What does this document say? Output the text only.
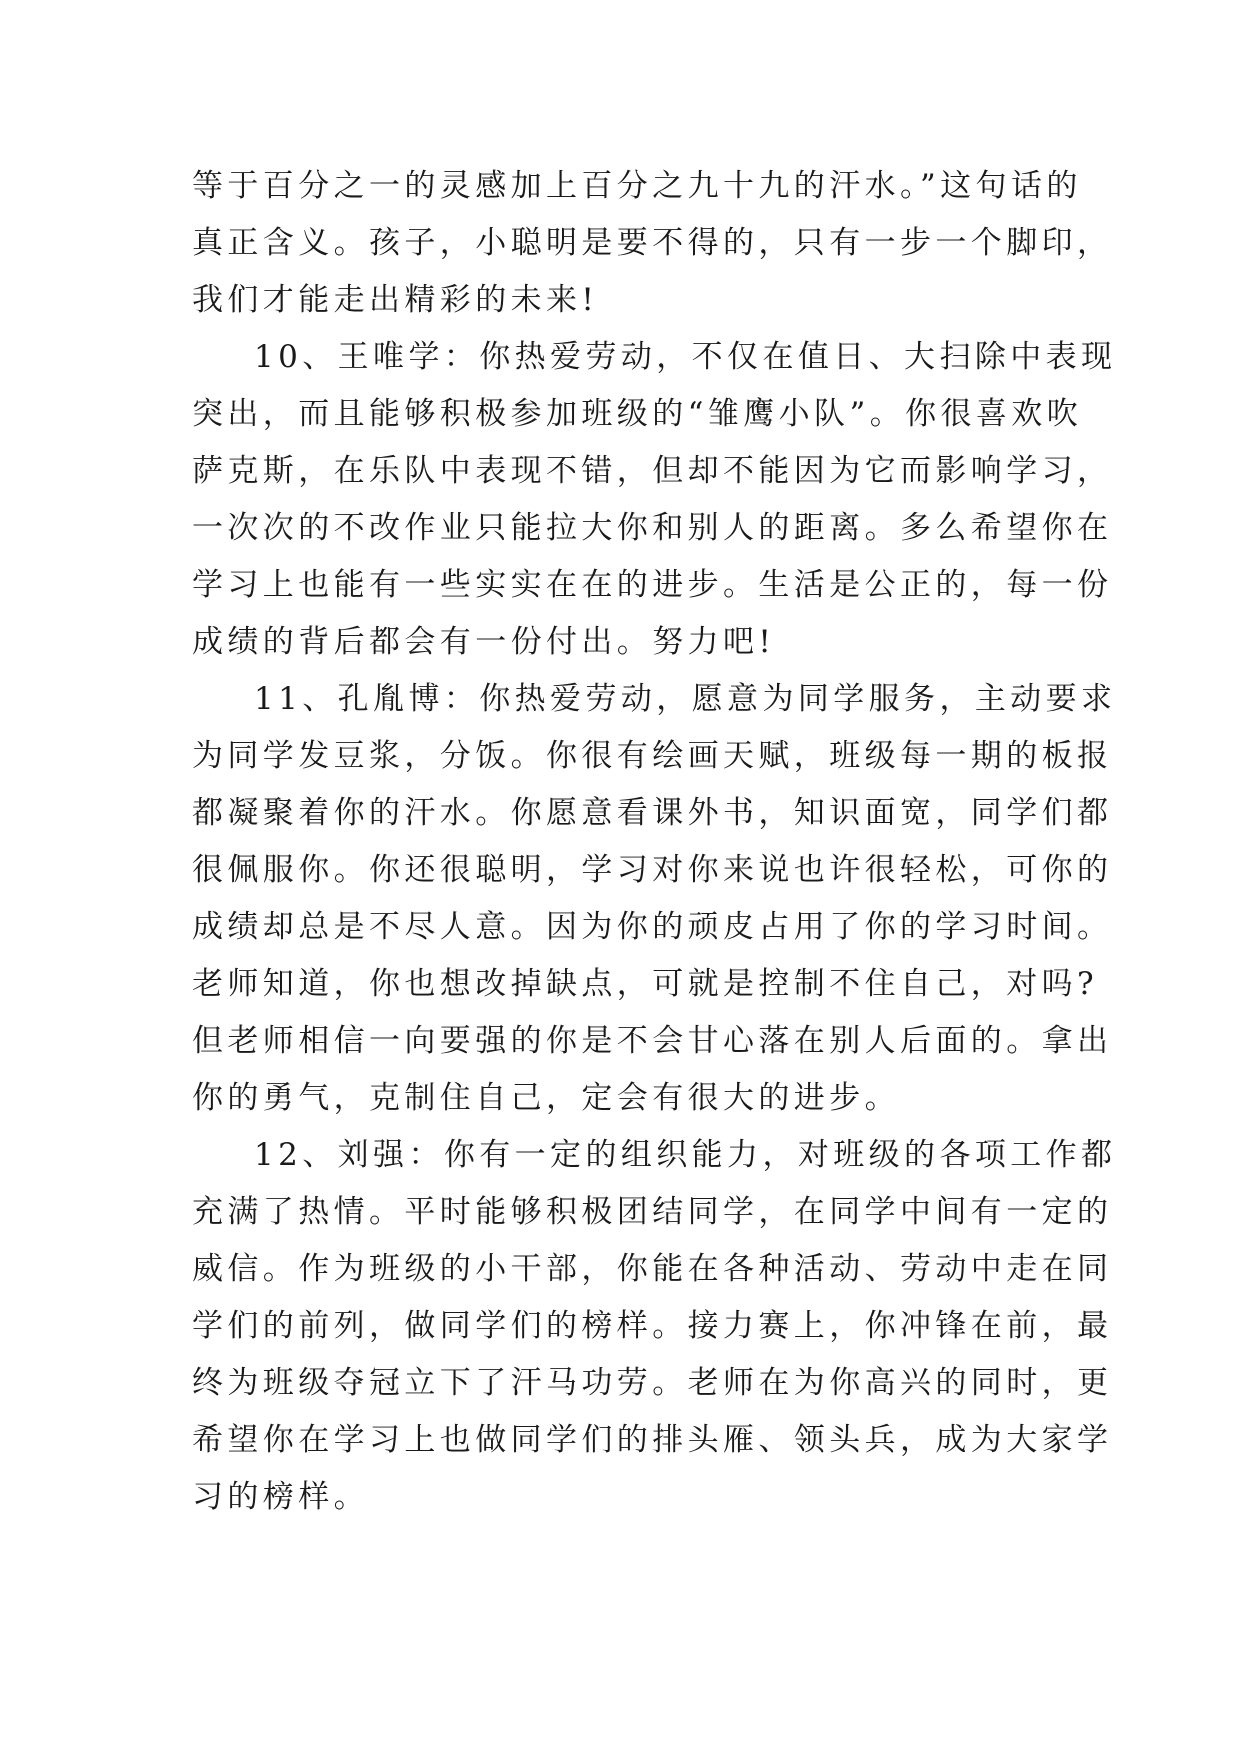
等于百分之一的灵感加上百分之九十九的汗水。”这句话的
真正含义。孩子，小聪明是要不得的，只有一步一个脚印，
我们才能走出精彩的未来!
10、王唯学：你热爱劳动，不仅在值日、大扫除中表现
突出，而且能够积极参加班级的“雏鹰小队”。你很喜欢吹
萨克斯，在乐队中表现不错，但却不能因为它而影响学习，
一次次的不改作业只能拉大你和别人的距离。多么希望你在
学习上也能有一些实实在在的进步。生活是公正的，每一份
成绩的背后都会有一份付出。努力吧!
11、孔胤博：你热爱劳动，愿意为同学服务，主动要求
为同学发豆浆，分饭。你很有绘画天赋，班级每一期的板报
都凝聚着你的汗水。你愿意看课外书，知识面宽，同学们都
很佩服你。你还很聪明，学习对你来说也许很轻松，可你的
成绩却总是不尽人意。因为你的顽皮占用了你的学习时间。
老师知道，你也想改掉缺点，可就是控制不住自己，对吗?
但老师相信一向要强的你是不会甘心落在别人后面的。拿出
你的勇气，克制住自己，定会有很大的进步。
12、刘强：你有一定的组织能力，对班级的各项工作都
充满了热情。平时能够积极团结同学，在同学中间有一定的
威信。作为班级的小干部，你能在各种活动、劳动中走在同
学们的前列，做同学们的榜样。接力赛上，你冲锋在前，最
终为班级夺冠立下了汗马功劳。老师在为你高兴的同时，更
希望你在学习上也做同学们的排头雁、领头兵，成为大家学
习的榜样。
